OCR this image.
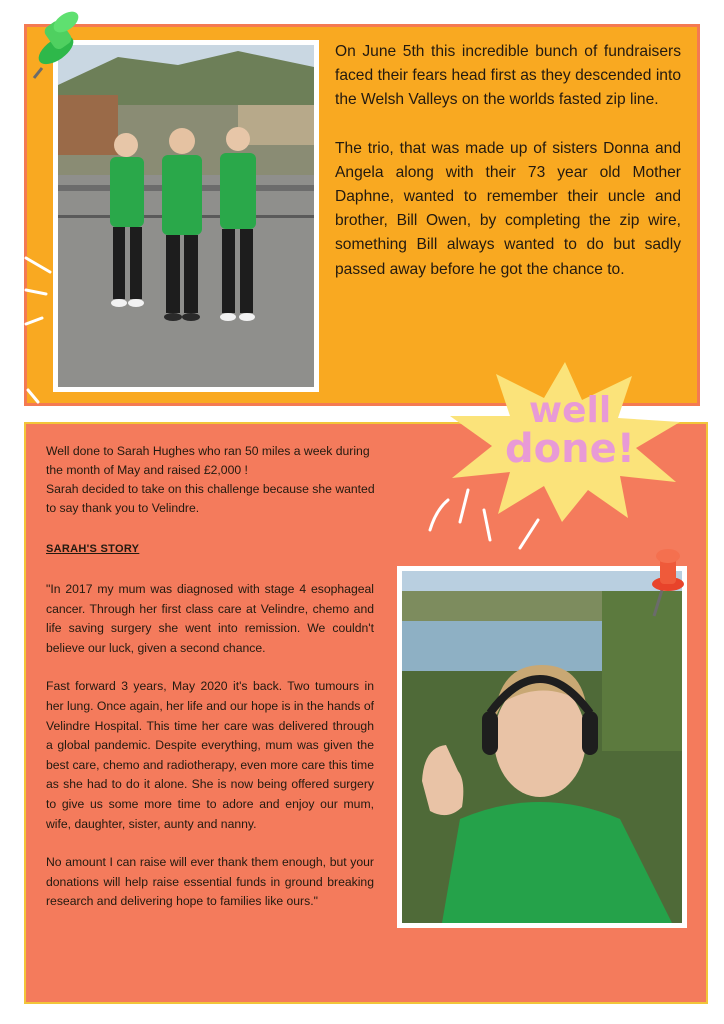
On June 5th this incredible bunch of fundraisers faced their fears head first as they descended into the Welsh Valleys on the worlds fasted zip line.

The trio, that was made up of sisters Donna and Angela along with their 73 year old Mother Daphne, wanted to remember their uncle and brother, Bill Owen, by completing the zip wire, something Bill always wanted to do but sadly passed away before he got the chance to.

well
done!
Well done to Sarah Hughes who ran 50 miles a week during the month of May and raised £2,000 !
Sarah decided to take on this challenge because she wanted to say thank you to Velindre.
SARAH'S STORY

"In 2017 my mum was diagnosed with stage 4 esophageal cancer. Through her first class care at Velindre, chemo and life saving surgery she went into remission. We couldn't believe our luck, given a second chance.

Fast forward 3 years, May 2020 it's back. Two tumours in her lung. Once again, her life and our hope is in the hands of Velindre Hospital. This time her care was delivered through a global pandemic. Despite everything, mum was given the best care, chemo and radiotherapy, even more care this time as she had to do it alone. She is now being offered surgery to give us some more time to adore and enjoy our mum, wife, daughter, sister, aunty and nanny.

No amount I can raise will ever thank them enough, but your donations will help raise essential funds in ground breaking research and delivering hope to families like ours."
